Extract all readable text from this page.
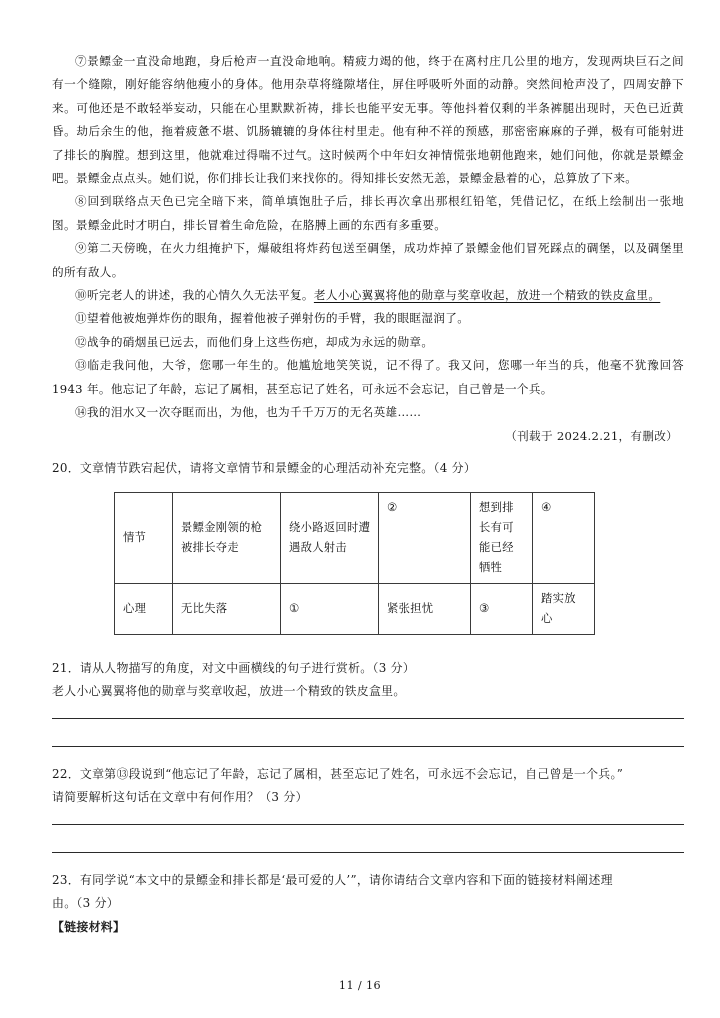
⑦景鳔金一直没命地跑，身后枪声一直没命地响。精疲力竭的他，终于在离村庄几公里的地方，发现两块巨石之间有一个缝隙，刚好能容纳他瘦小的身体。他用杂草将缝隙堵住，屏住呼吸听外面的动静。突然间枪声没了，四周安静下来。可他还是不敢轻举妄动，只能在心里默默祈祷，排长也能平安无事。等他抖着仅剩的半条裤腿出现时，天色已近黄昏。劫后余生的他，拖着疲惫不堪、饥肠辘辘的身体往村里走。他有种不祥的预感，那密密麻麻的子弹，极有可能射进了排长的胸膛。想到这里，他就难过得喘不过气。这时候两个中年妇女神情慌张地朝他跑来，她们问他，你就是景鳔金吧。景鳔金点点头。她们说，你们排长让我们来找你的。得知排长安然无恙，景鳔金悬着的心，总算放了下来。

⑧回到联络点天色已完全暗下来，简单填饱肚子后，排长再次拿出那根红铅笔，凭借记忆，在纸上绘制出一张地图。景鳔金此时才明白，排长冒着生命危险，在胳膊上画的东西有多重要。

⑨第二天傍晚，在火力组掩护下，爆破组将炸药包送至碉堡，成功炸掉了景鳔金他们冒死踩点的碉堡，以及碉堡里的所有敌人。

⑩听完老人的讲述，我的心情久久无法平复。老人小心翼翼将他的勋章与奖章收起，放进一个精致的铁皮盒里。

⑪望着他被炮弹炸伤的眼角，握着他被子弹射伤的手臂，我的眼眶湿润了。

⑫战争的硝烟虽已远去，而他们身上这些伤疤，却成为永远的勋章。

⑬临走我问他，大爷，您哪一年生的。他尴尬地笑笑说，记不得了。我又问，您哪一年当的兵，他毫不犹豫回答 1943 年。他忘记了年龄，忘记了属相，甚至忘记了姓名，可永远不会忘记，自己曾是一个兵。

⑭我的泪水又一次夺眶而出，为他，也为千千万万的无名英雄……

（刊载于 2024.2.21，有删改）

20．文章情节跌宕起伏，请将文章情节和景鳔金的心理活动补充完整。（4 分）

情节	景鳔金刚领的枪被排长夺走	绕小路返回时遭遇敌人射击	②	想到排长有可能已经牺牲	④
心理	无比失落	①	紧张担忧	③	踏实放心

21．请从人物描写的角度，对文中画横线的句子进行赏析。（3 分）

老人小心翼翼将他的勋章与奖章收起，放进一个精致的铁皮盒里。

22．文章第⑬段说到“他忘记了年龄，忘记了属相，甚至忘记了姓名，可永远不会忘记，自己曾是一个兵。”

请简要解析这句话在文章中有何作用？（3 分）

23．有同学说“本文中的景鳔金和排长都是‘最可爱的人’”，请你请结合文章内容和下面的链接材料阐述理

由。（3 分）

【链接材料】

11 / 16
